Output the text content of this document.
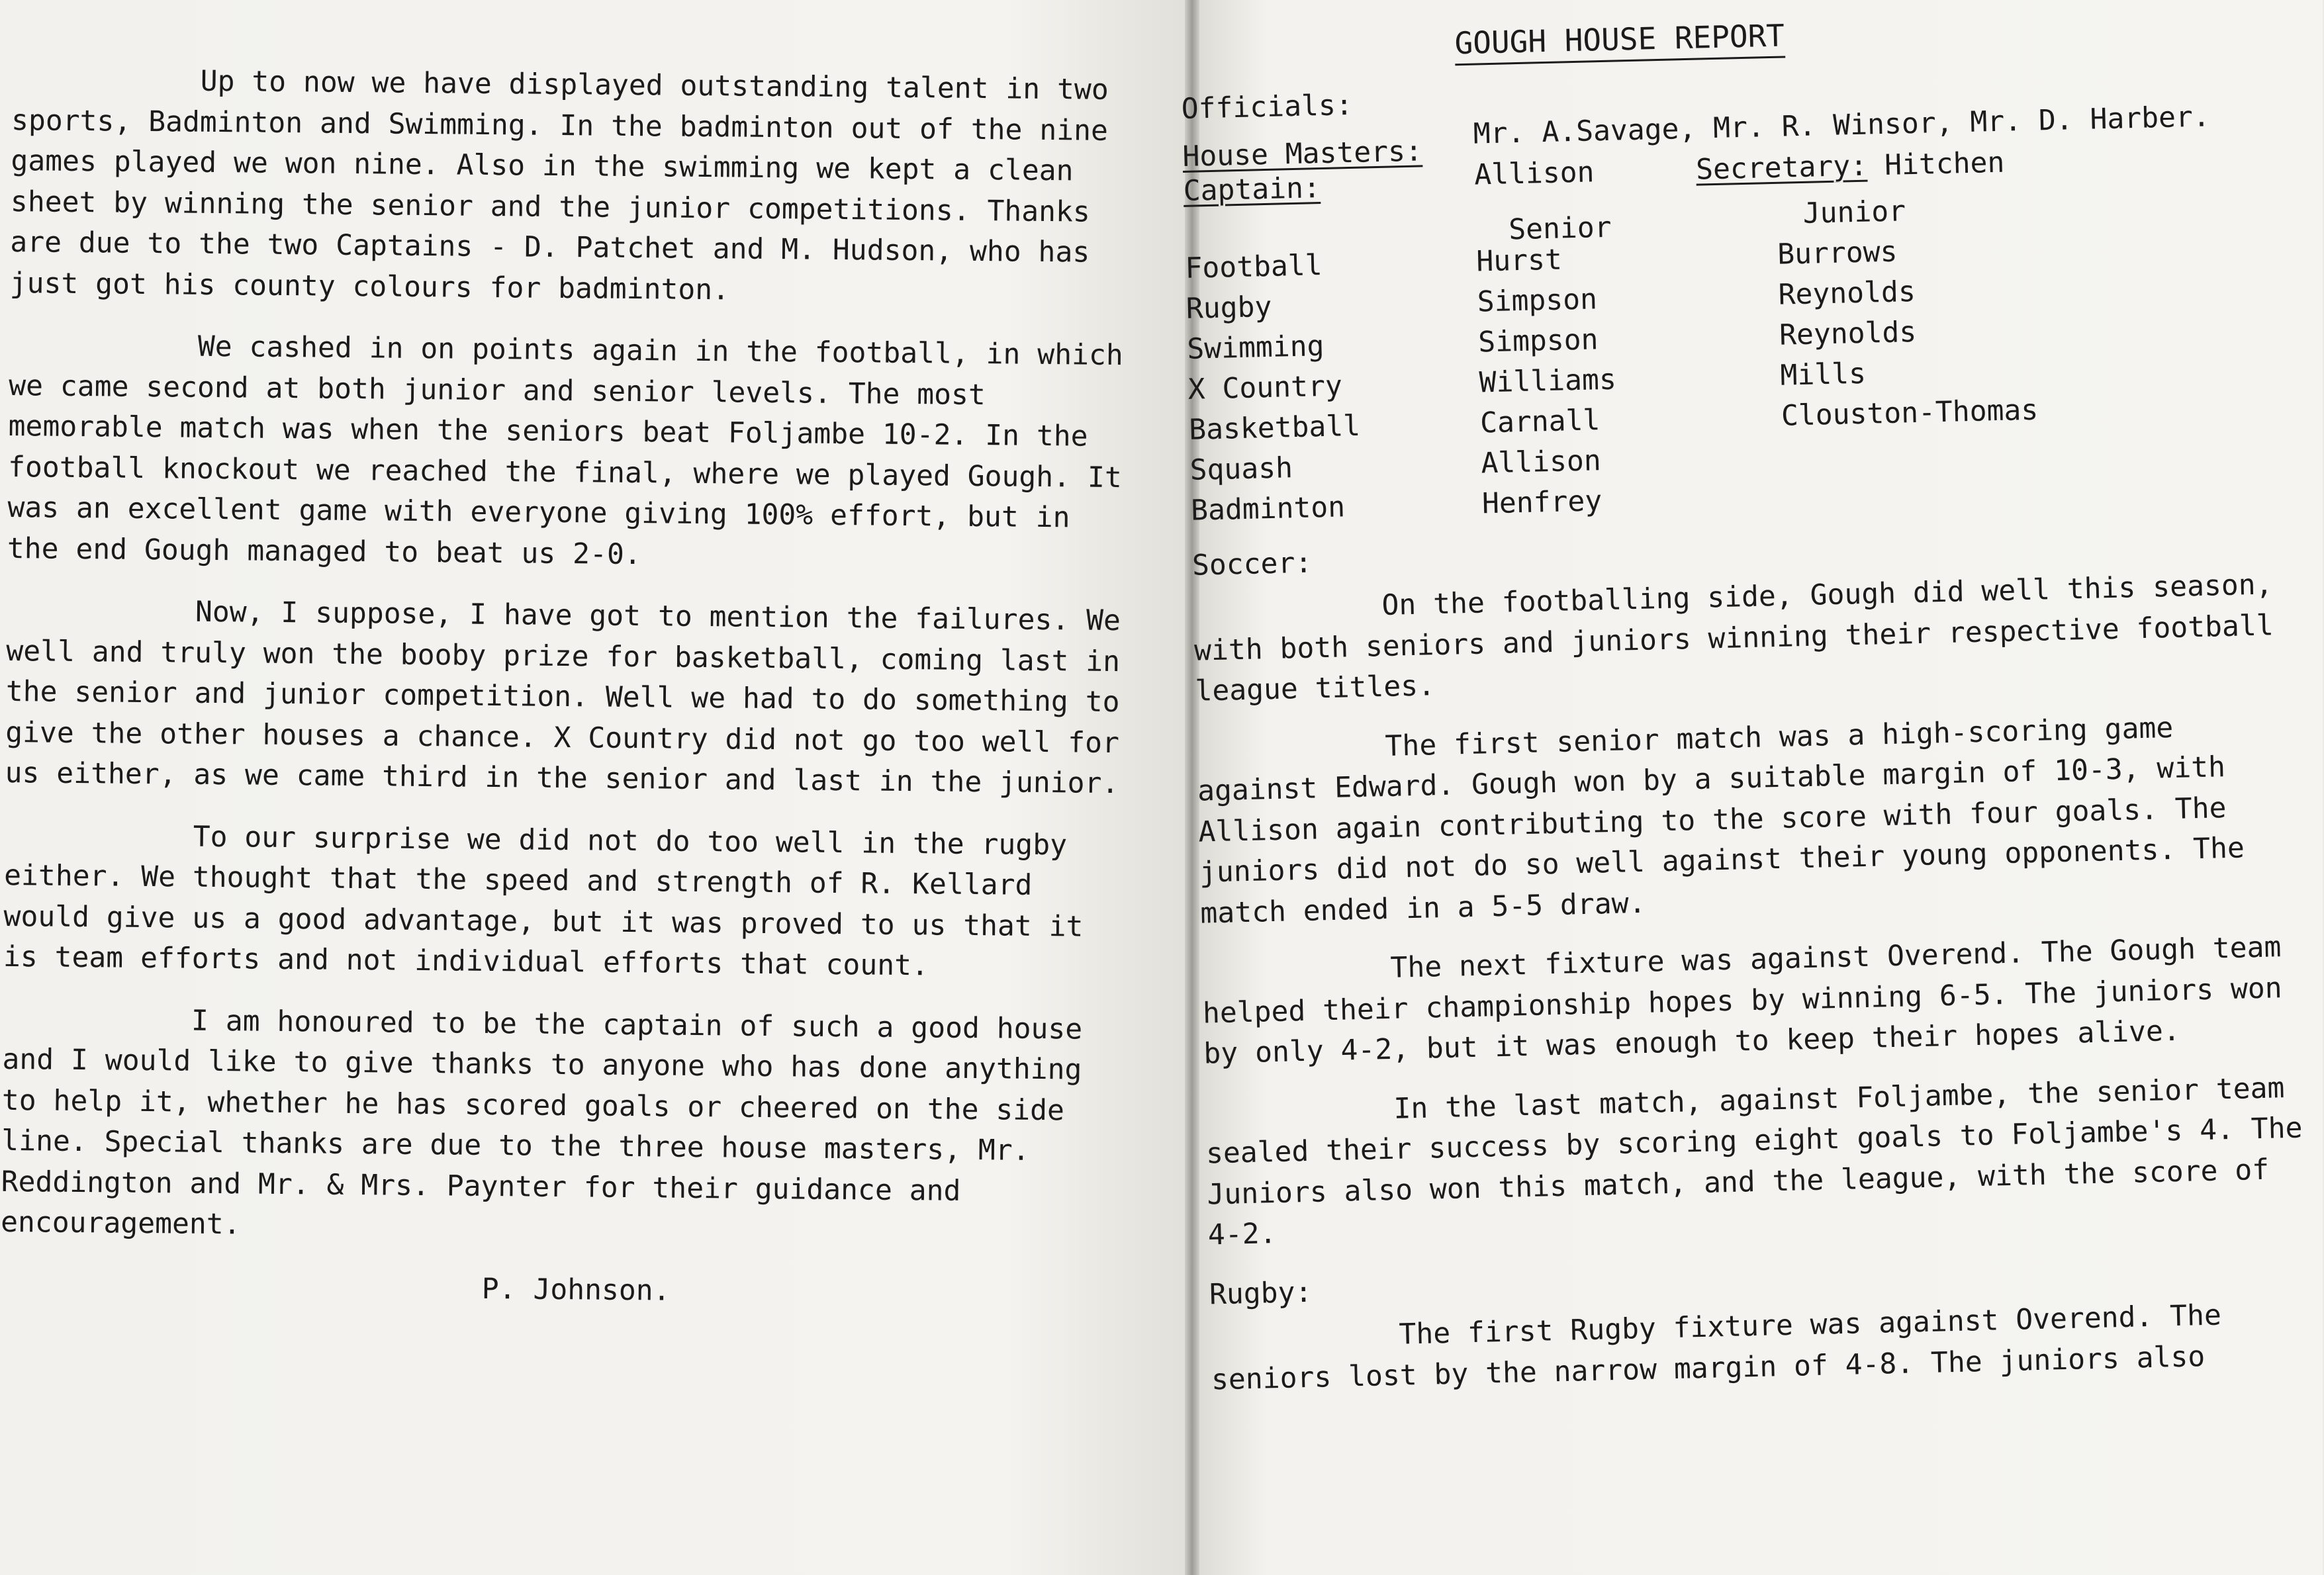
Up to now we have displayed outstanding talent in two sports, Badminton and Swimming. In the badminton out of the nine games played we won nine. Also in the swimming we kept a clean sheet by winning the senior and the junior competitions. Thanks are due to the two Captains - D. Patchet and M. Hudson, who has just got his county colours for badminton.

We cashed in on points again in the football, in which we came second at both junior and senior levels. The most memorable match was when the seniors beat Foljambe 10-2. In the football knockout we reached the final, where we played Gough. It was an excellent game with everyone giving 100% effort, but in the end Gough managed to beat us 2-0.

Now, I suppose, I have got to mention the failures. We well and truly won the booby prize for basketball, coming last in the senior and junior competition. Well we had to do something to give the other houses a chance. X Country did not go too well for us either, as we came third in the senior and last in the junior.

To our surprise we did not do too well in the rugby either. We thought that the speed and strength of R. Kellard would give us a good advantage, but it was proved to us that it is team efforts and not individual efforts that count.

I am honoured to be the captain of such a good house and I would like to give thanks to anyone who has done anything to help it, whether he has scored goals or cheered on the side line. Special thanks are due to the three house masters, Mr. Reddington and Mr. & Mrs. Paynter for their guidance and encouragement.

P. Johnson.

GOUGH HOUSE REPORT
Officials:
House Masters:
Mr. A.Savage, Mr. R. Winsor, Mr. D. Harber.
Captain:	Allison	Secretary: Hitchen
Senior	Junior
Football	Hurst	Burrows
Rugby	Simpson	Reynolds
Swimming	Simpson	Reynolds
X Country	Williams	Mills
Basketball	Carnall	Clouston-Thomas
Squash	Allison
Badminton	Henfrey
Soccer:

On the footballing side, Gough did well this season, with both seniors and juniors winning their respective football league titles.

The first senior match was a high-scoring game against Edward. Gough won by a suitable margin of 10-3, with Allison again contributing to the score with four goals. The juniors did not do so well against their young opponents. The match ended in a 5-5 draw.

The next fixture was against Overend. The Gough team helped their championship hopes by winning 6-5. The juniors won by only 4-2, but it was enough to keep their hopes alive.

In the last match, against Foljambe, the senior team sealed their success by scoring eight goals to Foljambe's 4. The Juniors also won this match, and the league, with the score of 4-2.

Rugby:

The first Rugby fixture was against Overend. The seniors lost by the narrow margin of 4-8. The juniors also
